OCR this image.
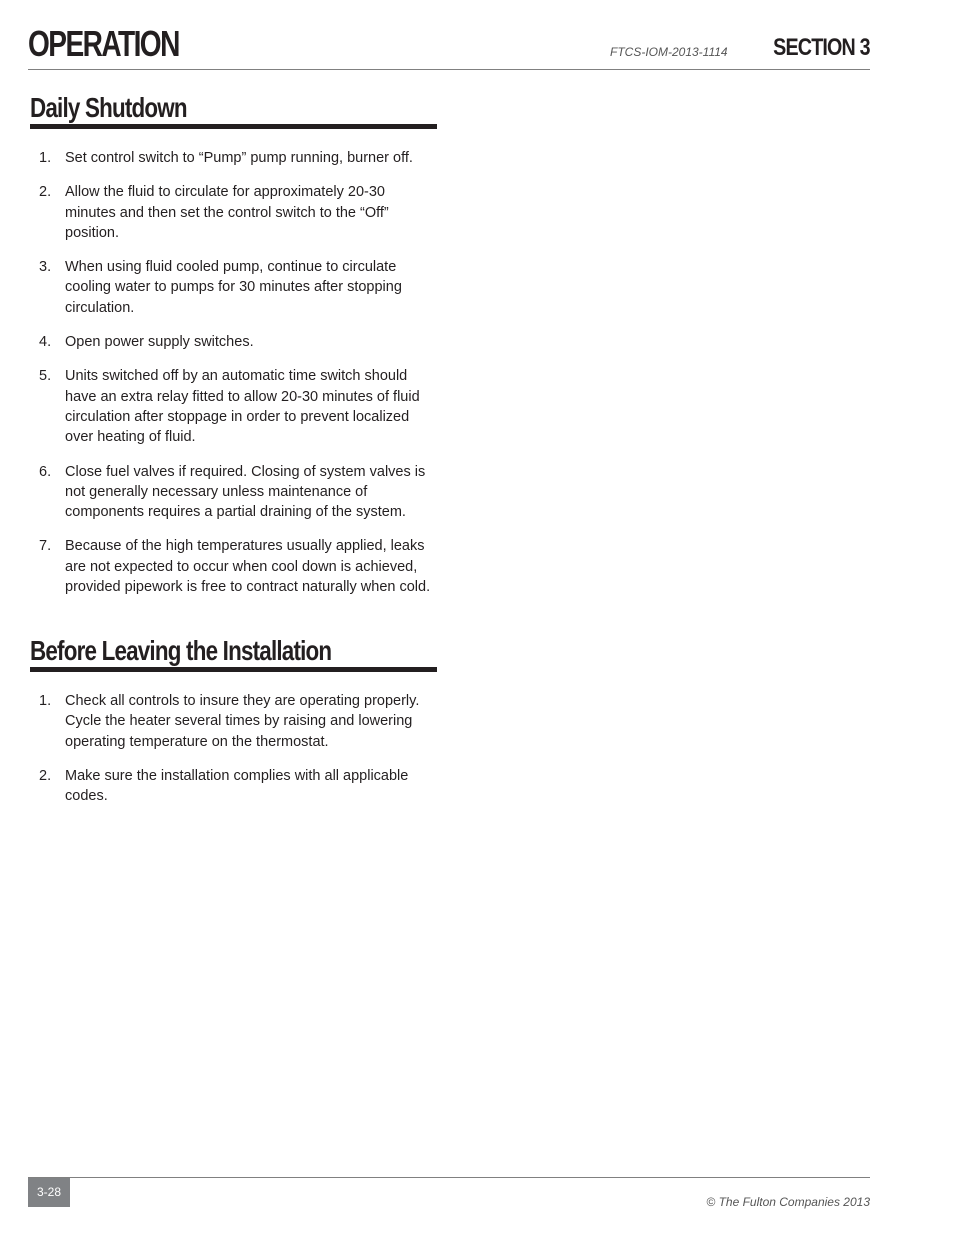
OPERATION	FTCS-IOM-2013-1114 SECTION 3
Daily Shutdown
1. Set control switch to “Pump” pump running, burner off.
2. Allow the fluid to circulate for approximately 20-30 minutes and then set the control switch to the “Off” position.
3. When using fluid cooled pump, continue to circulate cooling water to pumps for 30 minutes after stopping circulation.
4. Open power supply switches.
5. Units switched off by an automatic time switch should have an extra relay fitted to allow 20-30 minutes of fluid circulation after stoppage in order to prevent localized over heating of fluid.
6. Close fuel valves if required. Closing of system valves is not generally necessary unless maintenance of components requires a partial draining of the system.
7. Because of the high temperatures usually applied, leaks are not expected to occur when cool down is achieved, provided pipework is free to contract naturally when cold.
Before Leaving the Installation
1. Check all controls to insure they are operating properly. Cycle the heater several times by raising and lowering operating temperature on the thermostat.
2. Make sure the installation complies with all applicable codes.
3-28
© The Fulton Companies 2013
